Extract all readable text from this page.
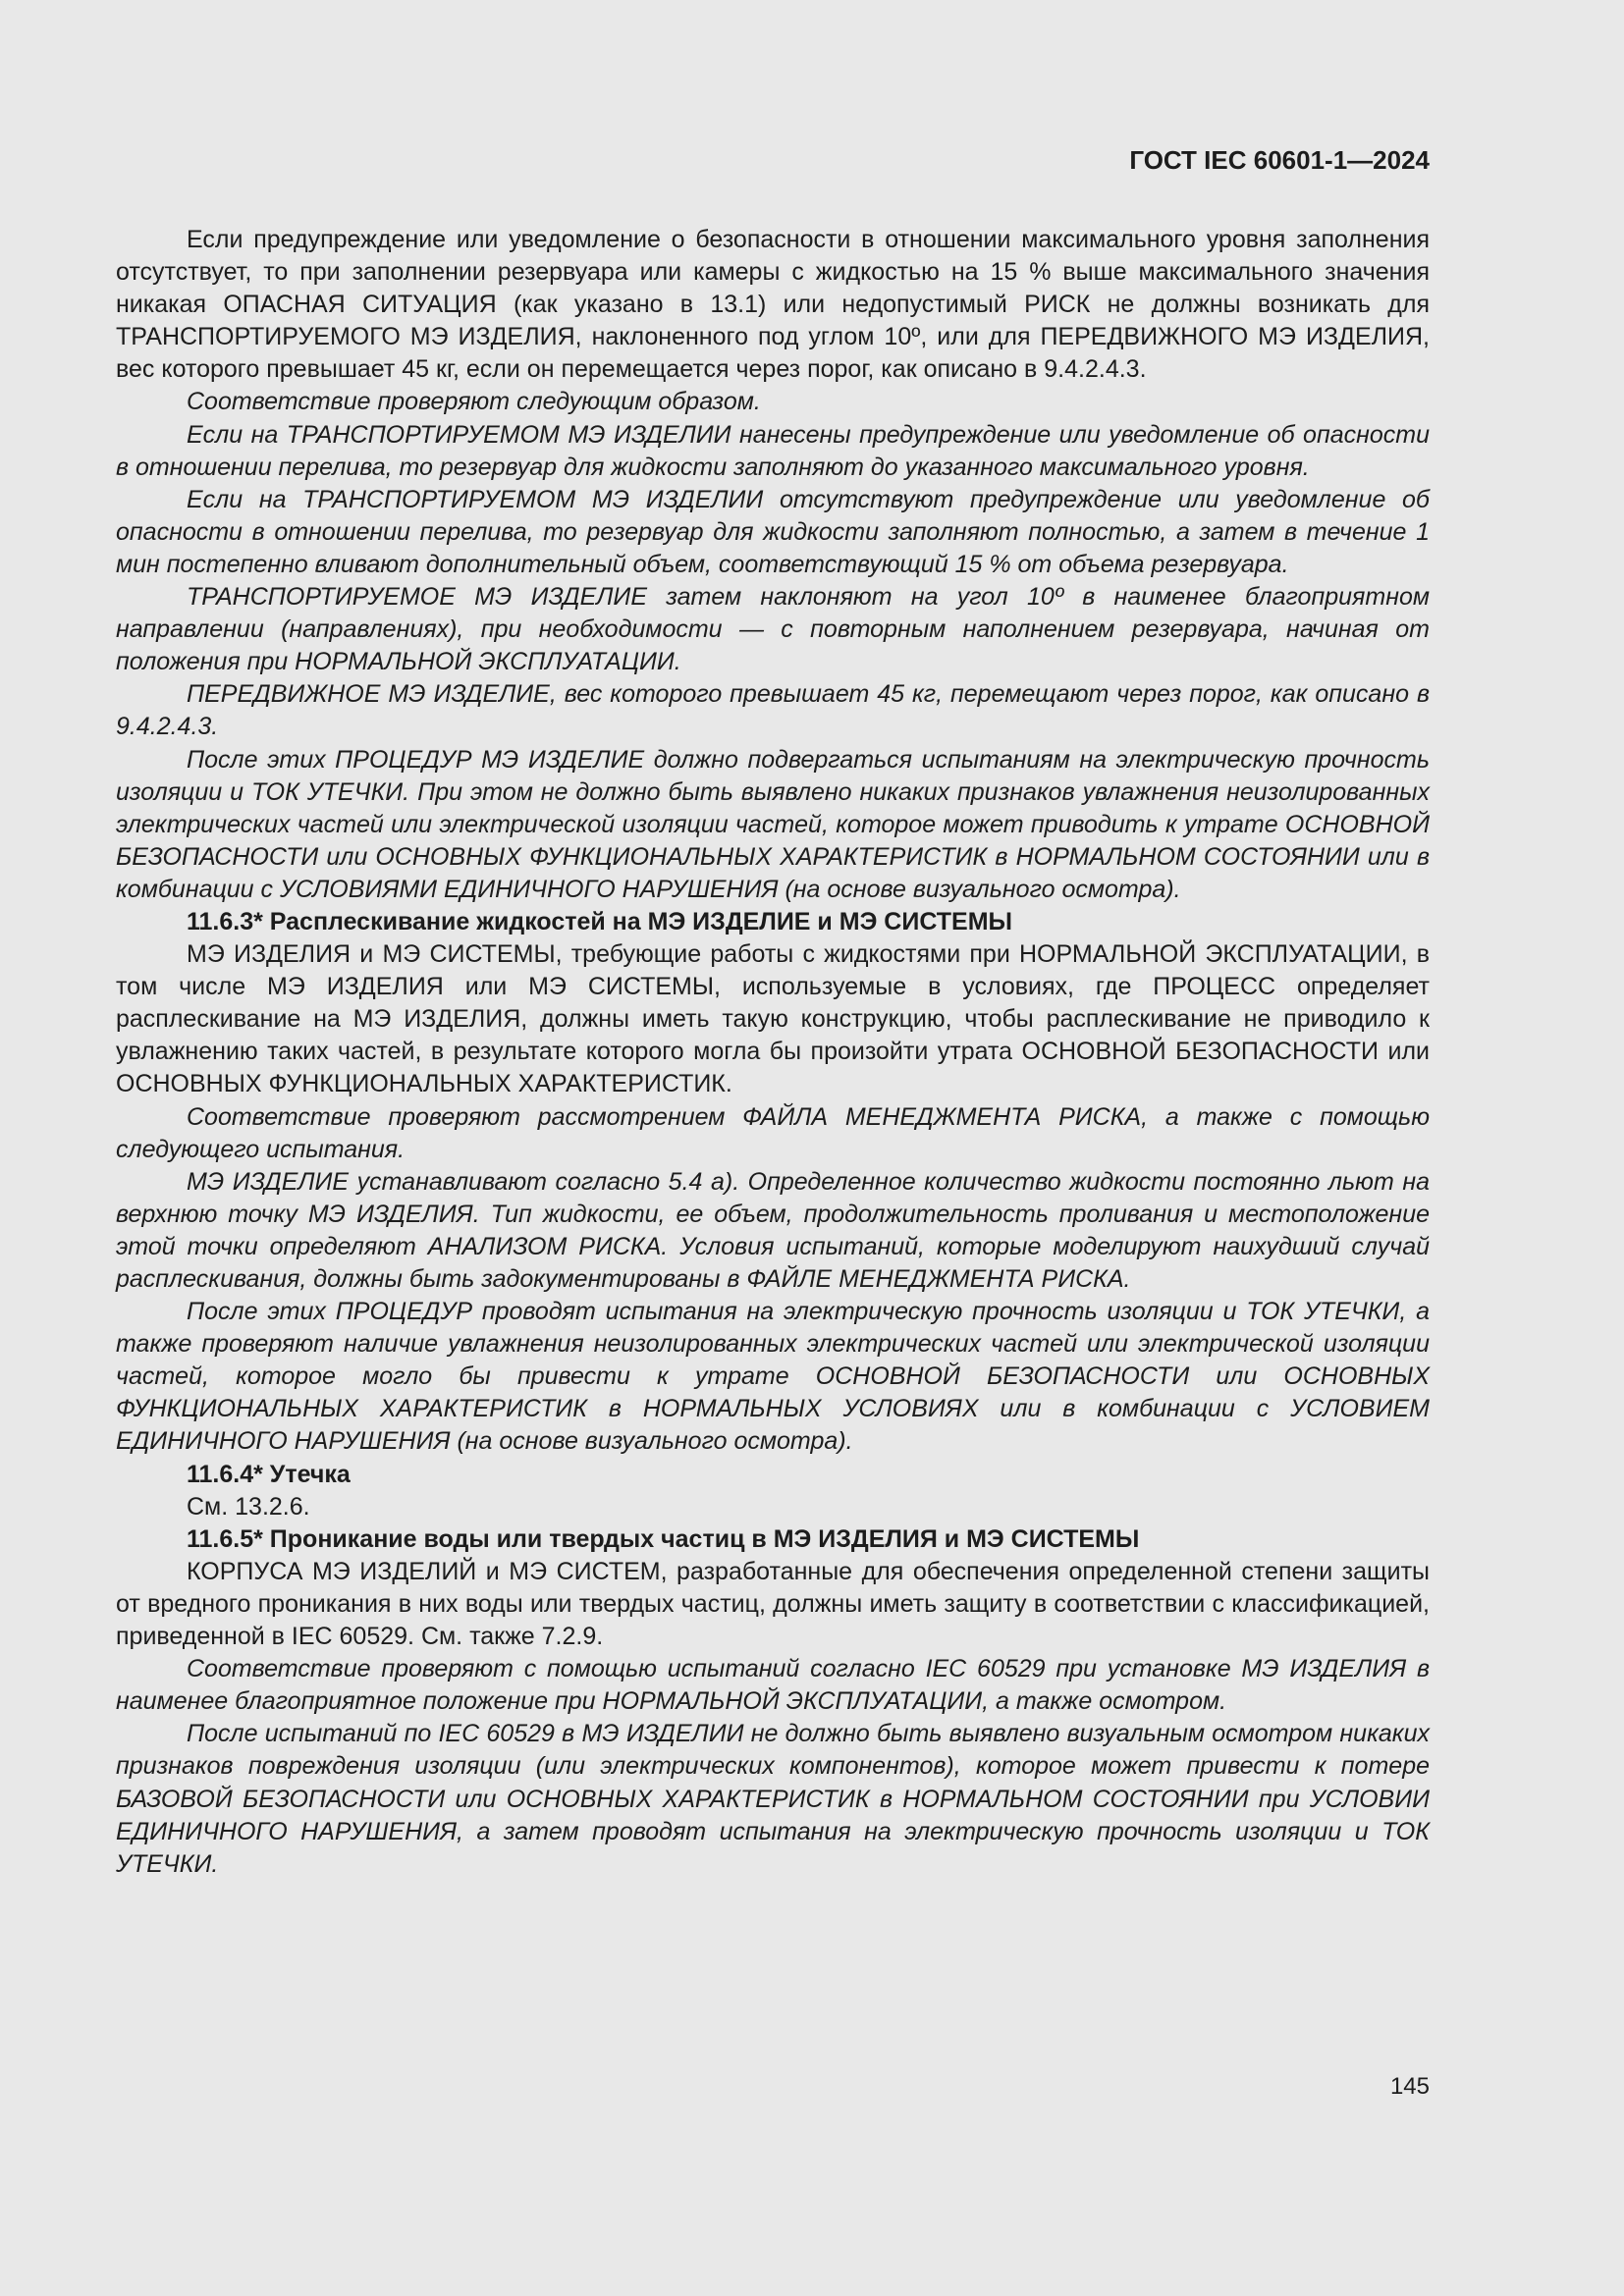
ГОСТ IEC 60601-1—2024

Если предупреждение или уведомление о безопасности в отношении максимального уровня заполнения отсутствует, то при заполнении резервуара или камеры с жидкостью на 15 % выше максимального значения никакая ОПАСНАЯ СИТУАЦИЯ (как указано в 13.1) или недопустимый РИСК не должны возникать для ТРАНСПОРТИРУЕМОГО МЭ ИЗДЕЛИЯ, наклоненного под углом 10º, или для ПЕРЕДВИЖНОГО МЭ ИЗДЕЛИЯ, вес которого превышает 45 кг, если он перемещается через порог, как описано в 9.4.2.4.3.

Соответствие проверяют следующим образом.

Если на ТРАНСПОРТИРУЕМОМ МЭ ИЗДЕЛИИ нанесены предупреждение или уведомление об опасности в отношении перелива, то резервуар для жидкости заполняют до указанного максимального уровня.

Если на ТРАНСПОРТИРУЕМОМ МЭ ИЗДЕЛИИ отсутствуют предупреждение или уведомление об опасности в отношении перелива, то резервуар для жидкости заполняют полностью, а затем в течение 1 мин постепенно вливают дополнительный объем, соответствующий 15 % от объема резервуара.

ТРАНСПОРТИРУЕМОЕ МЭ ИЗДЕЛИЕ затем наклоняют на угол 10º в наименее благоприятном направлении (направлениях), при необходимости — с повторным наполнением резервуара, начиная от положения при НОРМАЛЬНОЙ ЭКСПЛУАТАЦИИ.

ПЕРЕДВИЖНОЕ МЭ ИЗДЕЛИЕ, вес которого превышает 45 кг, перемещают через порог, как описано в 9.4.2.4.3.

После этих ПРОЦЕДУР МЭ ИЗДЕЛИЕ должно подвергаться испытаниям на электрическую прочность изоляции и ТОК УТЕЧКИ. При этом не должно быть выявлено никаких признаков увлажнения неизолированных электрических частей или электрической изоляции частей, которое может приводить к утрате ОСНОВНОЙ БЕЗОПАСНОСТИ или ОСНОВНЫХ ФУНКЦИОНАЛЬНЫХ ХАРАКТЕРИСТИК в НОРМАЛЬНОМ СОСТОЯНИИ или в комбинации с УСЛОВИЯМИ ЕДИНИЧНОГО НАРУШЕНИЯ (на основе визуального осмотра).

11.6.3* Расплескивание жидкостей на МЭ ИЗДЕЛИЕ и МЭ СИСТЕМЫ

МЭ ИЗДЕЛИЯ и МЭ СИСТЕМЫ, требующие работы с жидкостями при НОРМАЛЬНОЙ ЭКСПЛУАТАЦИИ, в том числе МЭ ИЗДЕЛИЯ или МЭ СИСТЕМЫ, используемые в условиях, где ПРОЦЕСС определяет расплескивание на МЭ ИЗДЕЛИЯ, должны иметь такую конструкцию, чтобы расплескивание не приводило к увлажнению таких частей, в результате которого могла бы произойти утрата ОСНОВНОЙ БЕЗОПАСНОСТИ или ОСНОВНЫХ ФУНКЦИОНАЛЬНЫХ ХАРАКТЕРИСТИК.

Соответствие проверяют рассмотрением ФАЙЛА МЕНЕДЖМЕНТА РИСКА, а также с помощью следующего испытания.

МЭ ИЗДЕЛИЕ устанавливают согласно 5.4 а). Определенное количество жидкости постоянно льют на верхнюю точку МЭ ИЗДЕЛИЯ. Тип жидкости, ее объем, продолжительность проливания и местоположение этой точки определяют АНАЛИЗОМ РИСКА. Условия испытаний, которые моделируют наихудший случай расплескивания, должны быть задокументированы в ФАЙЛЕ МЕНЕДЖМЕНТА РИСКА.

После этих ПРОЦЕДУР проводят испытания на электрическую прочность изоляции и ТОК УТЕЧКИ, а также проверяют наличие увлажнения неизолированных электрических частей или электрической изоляции частей, которое могло бы привести к утрате ОСНОВНОЙ БЕЗОПАСНОСТИ или ОСНОВНЫХ ФУНКЦИОНАЛЬНЫХ ХАРАКТЕРИСТИК в НОРМАЛЬНЫХ УСЛОВИЯХ или в комбинации с УСЛОВИЕМ ЕДИНИЧНОГО НАРУШЕНИЯ (на основе визуального осмотра).

11.6.4* Утечка

См. 13.2.6.

11.6.5* Проникание воды или твердых частиц в МЭ ИЗДЕЛИЯ и МЭ СИСТЕМЫ

КОРПУСА МЭ ИЗДЕЛИЙ и МЭ СИСТЕМ, разработанные для обеспечения определенной степени защиты от вредного проникания в них воды или твердых частиц, должны иметь защиту в соответствии с классификацией, приведенной в IEC 60529. См. также 7.2.9.

Соответствие проверяют с помощью испытаний согласно IEC 60529 при установке МЭ ИЗДЕЛИЯ в наименее благоприятное положение при НОРМАЛЬНОЙ ЭКСПЛУАТАЦИИ, а также осмотром.

После испытаний по IEC 60529 в МЭ ИЗДЕЛИИ не должно быть выявлено визуальным осмотром никаких признаков повреждения изоляции (или электрических компонентов), которое может привести к потере БАЗОВОЙ БЕЗОПАСНОСТИ или ОСНОВНЫХ ХАРАКТЕРИСТИК в НОРМАЛЬНОМ СОСТОЯНИИ при УСЛОВИИ ЕДИНИЧНОГО НАРУШЕНИЯ, а затем проводят испытания на электрическую прочность изоляции и ТОК УТЕЧКИ.

145
